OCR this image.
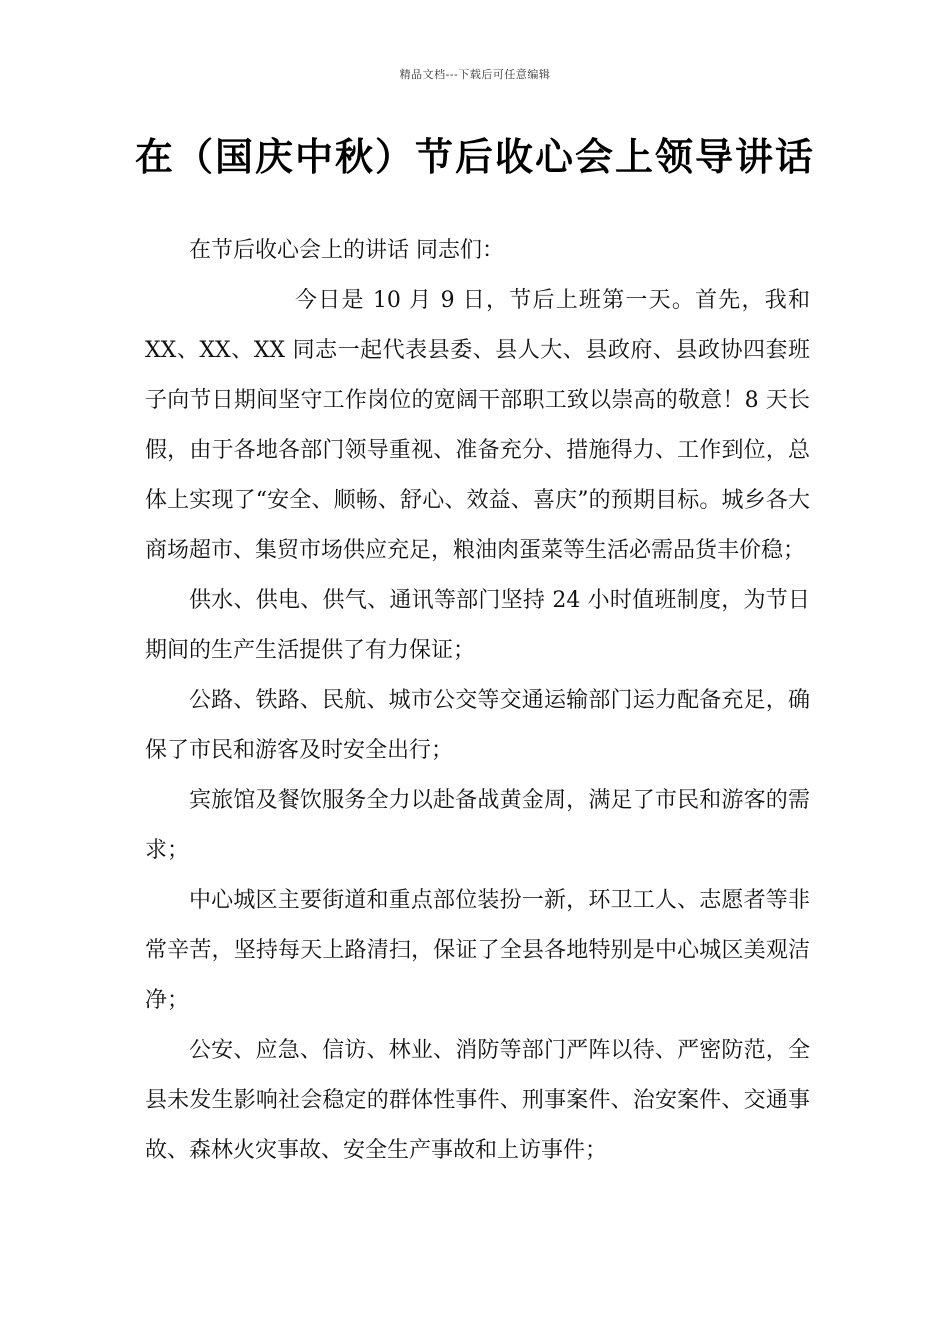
精品文档---下载后可任意编辑
在（国庆中秋）节后收心会上领导讲话

在节后收心会上的讲话 同志们：

今日是 10 月 9 日，节后上班第一天。首先，我和 XX、XX、XX 同志一起代表县委、县人大、县政府、县政协四套班子向节日期间坚守工作岗位的宽阔干部职工致以崇高的敬意！8 天长假，由于各地各部门领导重视、准备充分、措施得力、工作到位，总体上实现了“安全、顺畅、舒心、效益、喜庆”的预期目标。城乡各大商场超市、集贸市场供应充足，粮油肉蛋菜等生活必需品货丰价稳；

供水、供电、供气、通讯等部门坚持 24 小时值班制度，为节日期间的生产生活提供了有力保证；

公路、铁路、民航、城市公交等交通运输部门运力配备充足，确保了市民和游客及时安全出行；

宾旅馆及餐饮服务全力以赴备战黄金周，满足了市民和游客的需求；

中心城区主要街道和重点部位装扮一新，环卫工人、志愿者等非常辛苦，坚持每天上路清扫，保证了全县各地特别是中心城区美观洁净；

公安、应急、信访、林业、消防等部门严阵以待、严密防范，全县未发生影响社会稳定的群体性事件、刑事案件、治安案件、交通事故、森林火灾事故、安全生产事故和上访事件；
